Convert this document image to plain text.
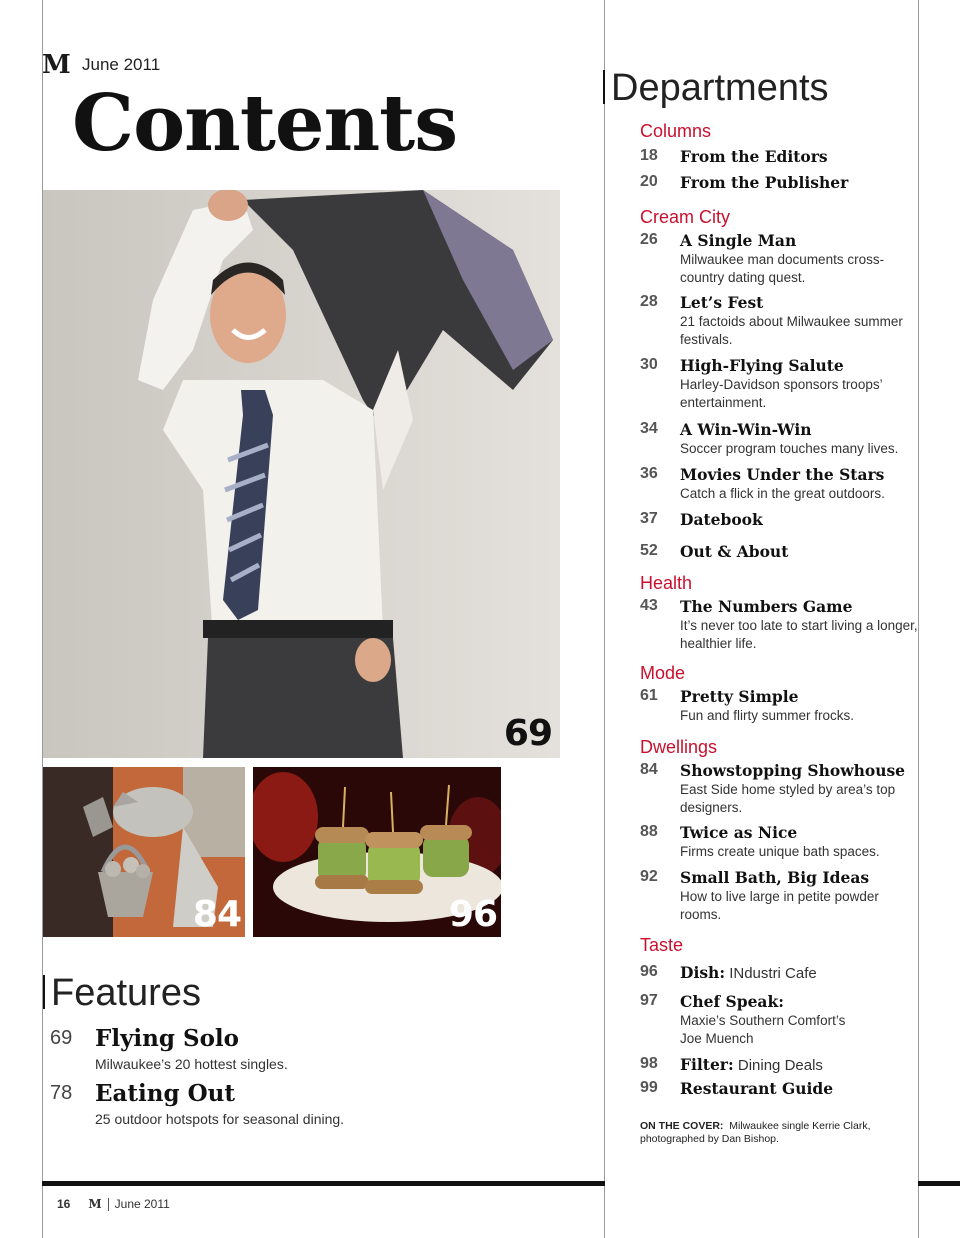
M June 2011
Contents
69
84	96
Features
69 Flying Solo
Milwaukee’s 20 hottest singles.
78 Eating Out
25 outdoor hotspots for seasonal dining.
Departments
Columns
18 From the Editors
20 From the Publisher
Cream City
26 A Single Man
Milwaukee man documents cross-country dating quest.
28 Let’s Fest
21 factoids about Milwaukee summer festivals.
30 High-Flying Salute
Harley-Davidson sponsors troops’ entertainment.
34 A Win-Win-Win
Soccer program touches many lives.
36 Movies Under the Stars
Catch a flick in the great outdoors.
37 Datebook
52 Out & About
Health
43 The Numbers Game
It’s never too late to start living a longer, healthier life.
Mode
61 Pretty Simple
Fun and flirty summer frocks.
Dwellings
84 Showstopping Showhouse
East Side home styled by area’s top designers.
88 Twice as Nice
Firms create unique bath spaces.
92 Small Bath, Big Ideas
How to live large in petite powder rooms.
Taste
96 Dish: INdustri Cafe
97 Chef Speak:
Maxie’s Southern Comfort’s Joe Muench
98 Filter: Dining Deals
99 Restaurant Guide
ON THE COVER: Milwaukee single Kerrie Clark, photographed by Dan Bishop.
16 M June 2011
